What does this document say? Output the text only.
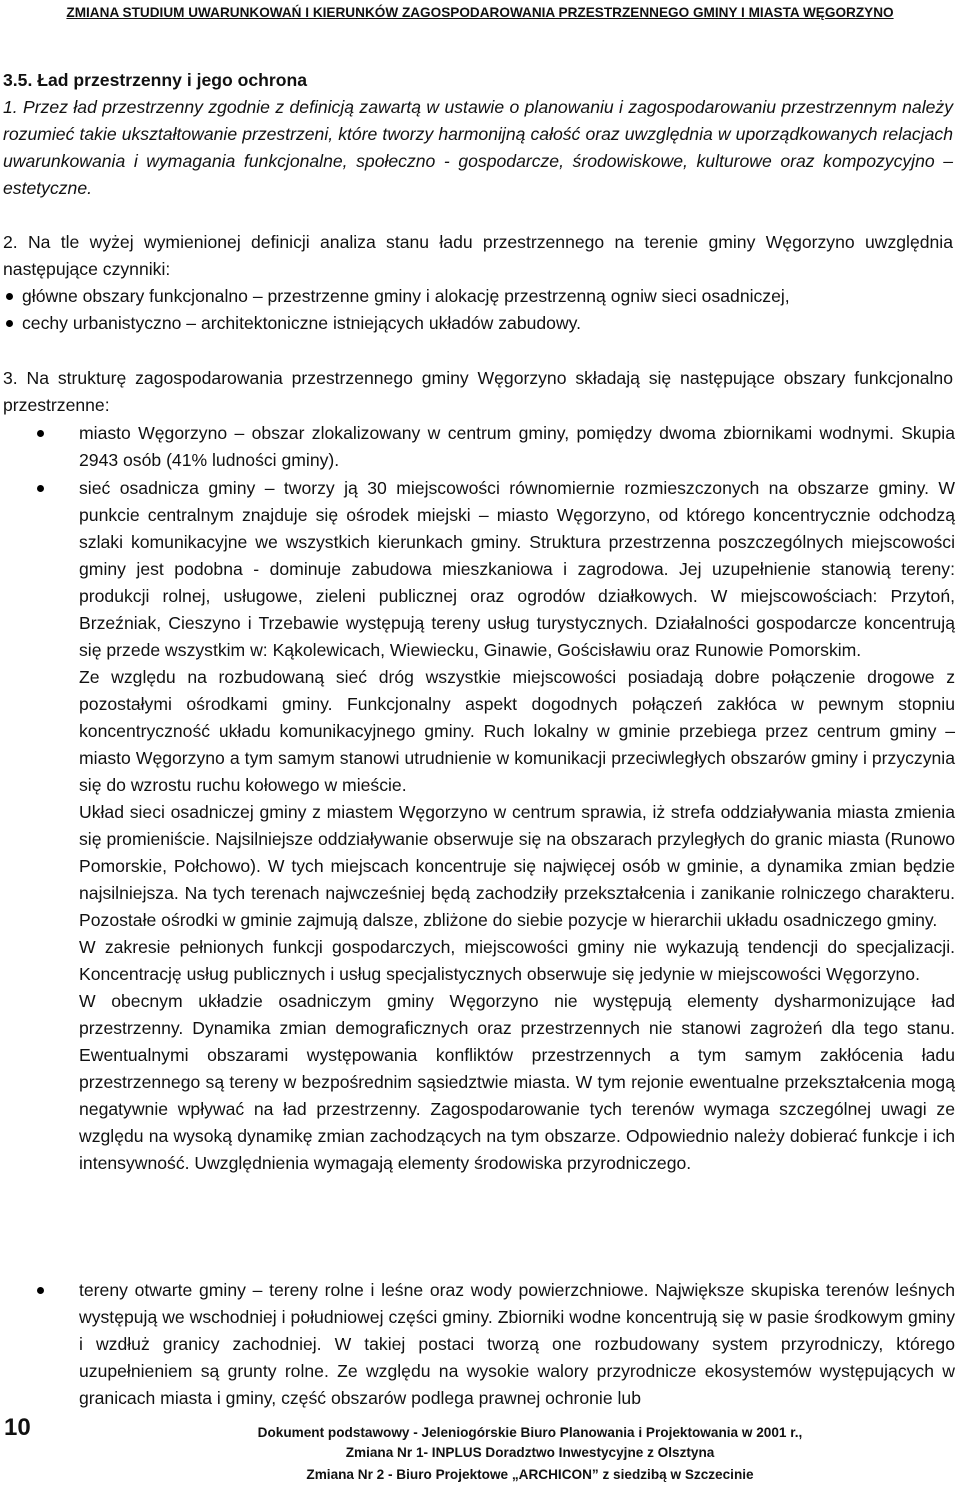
ZMIANA STUDIUM UWARUNKOWAŃ I KIERUNKÓW ZAGOSPODAROWANIA PRZESTRZENNEGO GMINY I MIASTA WĘGORZYNO
3.5. Ład przestrzenny i jego ochrona
1. Przez ład przestrzenny zgodnie z definicją zawartą w ustawie o planowaniu i zagospodarowaniu przestrzennym należy rozumieć takie ukształtowanie przestrzeni, które tworzy harmonijną całość oraz uwzględnia w uporządkowanych relacjach uwarunkowania i wymagania funkcjonalne, społeczno - gospodarcze, środowiskowe, kulturowe oraz kompozycyjno – estetyczne.
2. Na tle wyżej wymienionej definicji analiza stanu ładu przestrzennego na terenie gminy Węgorzyno uwzględnia następujące czynniki:
główne obszary funkcjonalno – przestrzenne gminy i alokację przestrzenną ogniw sieci osadniczej,
cechy urbanistyczno – architektoniczne istniejących układów zabudowy.
3. Na strukturę zagospodarowania przestrzennego gminy Węgorzyno składają się następujące obszary funkcjonalno przestrzenne:

miasto Węgorzyno – obszar zlokalizowany w centrum gminy, pomiędzy dwoma zbiornikami wodnymi. Skupia 2943 osób (41% ludności gminy).

sieć osadnicza gminy – tworzy ją 30 miejscowości równomiernie rozmieszczonych na obszarze gminy. W punkcie centralnym znajduje się ośrodek miejski – miasto Węgorzyno, od którego koncentrycznie odchodzą szlaki komunikacyjne we wszystkich kierunkach gminy. Struktura przestrzenna poszczególnych miejscowości gminy jest podobna - dominuje zabudowa mieszkaniowa i zagrodowa. Jej uzupełnienie stanowią tereny: produkcji rolnej, usługowe, zieleni publicznej oraz ogrodów działkowych. W miejscowościach: Przytoń, Brzeźniak, Cieszyno i Trzebawie występują tereny usług turystycznych. Działalności gospodarcze koncentrują się przede wszystkim w: Kąkolewicach, Wiewiecku, Ginawie, Gościsławiu oraz Runowie Pomorskim.

Ze względu na rozbudowaną sieć dróg wszystkie miejscowości posiadają dobre połączenie drogowe z pozostałymi ośrodkami gminy. Funkcjonalny aspekt dogodnych połączeń zakłóca w pewnym stopniu koncentryczność układu komunikacyjnego gminy. Ruch lokalny w gminie przebiega przez centrum gminy – miasto Węgorzyno a tym samym stanowi utrudnienie w komunikacji przeciwległych obszarów gminy i przyczynia się do wzrostu ruchu kołowego w mieście.

Układ sieci osadniczej gminy z miastem Węgorzyno w centrum sprawia, iż strefa oddziaływania miasta zmienia się promieniście. Najsilniejsze oddziaływanie obserwuje się na obszarach przyległych do granic miasta (Runowo Pomorskie, Połchowo). W tych miejscach koncentruje się najwięcej osób w gminie, a dynamika zmian będzie najsilniejsza. Na tych terenach najwcześniej będą zachodziły przekształcenia i zanikanie rolniczego charakteru. Pozostałe ośrodki w gminie zajmują dalsze, zbliżone do siebie pozycje w hierarchii układu osadniczego gminy.

W zakresie pełnionych funkcji gospodarczych, miejscowości gminy nie wykazują tendencji do specjalizacji. Koncentrację usług publicznych i usług specjalistycznych obserwuje się jedynie w miejscowości Węgorzyno.

W obecnym układzie osadniczym gminy Węgorzyno nie występują elementy dysharmonizujące ład przestrzenny. Dynamika zmian demograficznych oraz przestrzennych nie stanowi zagrożeń dla tego stanu. Ewentualnymi obszarami występowania konfliktów przestrzennych a tym samym zakłócenia ładu przestrzennego są tereny w bezpośrednim sąsiedztwie miasta. W tym rejonie ewentualne przekształcenia mogą negatywnie wpływać na ład przestrzenny. Zagospodarowanie tych terenów wymaga szczególnej uwagi ze względu na wysoką dynamikę zmian zachodzących na tym obszarze. Odpowiednio należy dobierać funkcje i ich intensywność. Uwzględnienia wymagają elementy środowiska przyrodniczego.

tereny otwarte gminy – tereny rolne i leśne oraz wody powierzchniowe. Największe skupiska terenów leśnych występują we wschodniej i południowej części gminy. Zbiorniki wodne koncentrują się w pasie środkowym gminy i wzdłuż granicy zachodniej. W takiej postaci tworzą one rozbudowany system przyrodniczy, którego uzupełnieniem są grunty rolne. Ze względu na wysokie walory przyrodnicze ekosystemów występujących w granicach miasta i gminy, część obszarów podlega prawnej ochronie lub

10	Dokument podstawowy - Jeleniogórskie Biuro Planowania i Projektowania w 2001 r.,
Zmiana Nr 1- INPLUS Doradztwo Inwestycyjne z Olsztyna
Zmiana Nr 2 - Biuro Projektowe „ARCHICON” z siedzibą w Szczecinie
